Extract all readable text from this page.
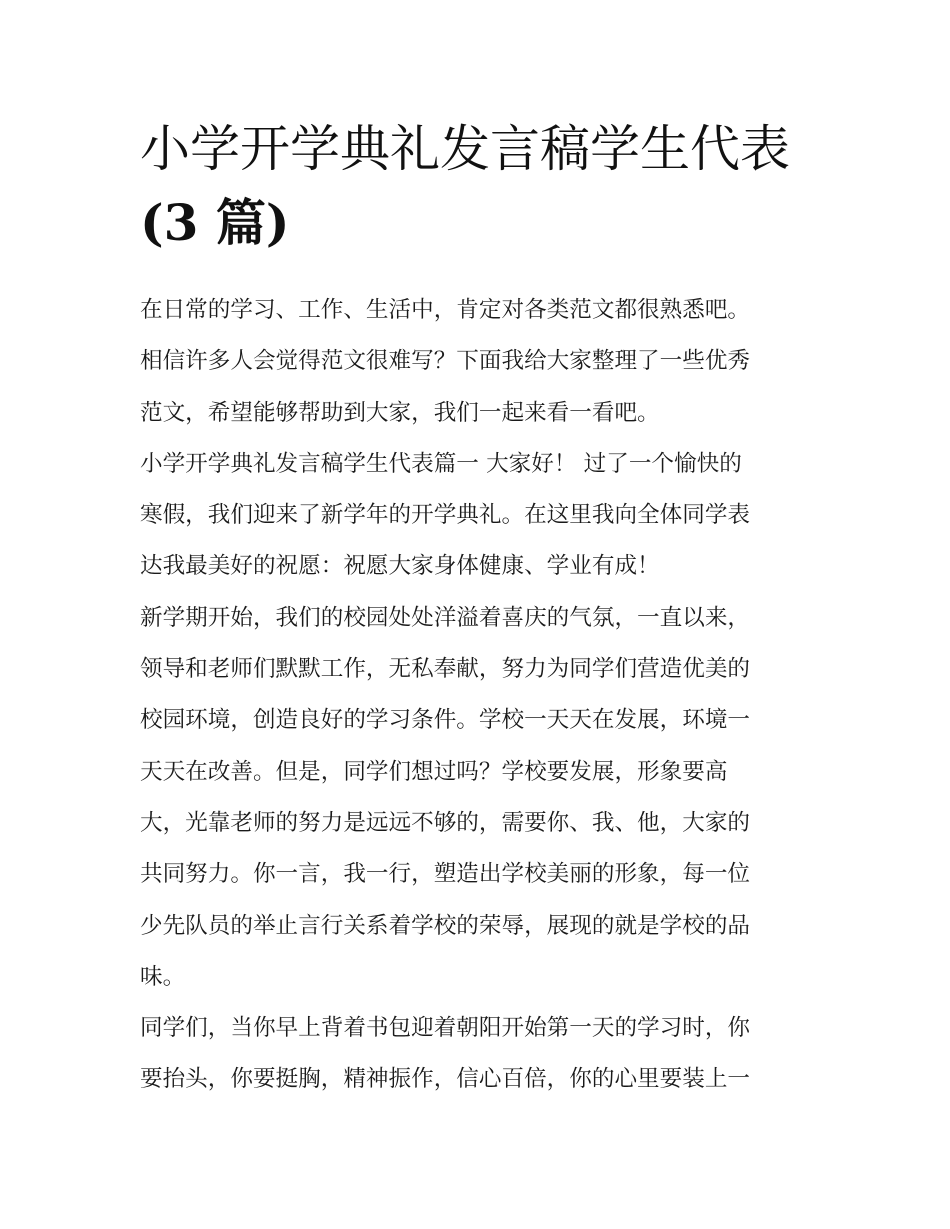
小学开学典礼发言稿学生代表
(3 篇)

在日常的学习、工作、生活中，肯定对各类范文都很熟悉吧。
相信许多人会觉得范文很难写？下面我给大家整理了一些优秀
范文，希望能够帮助到大家，我们一起来看一看吧。

小学开学典礼发言稿学生代表篇一 大家好！ 过了一个愉快的
寒假，我们迎来了新学年的开学典礼。在这里我向全体同学表
达我最美好的祝愿：祝愿大家身体健康、学业有成！

新学期开始，我们的校园处处洋溢着喜庆的气氛，一直以来，
领导和老师们默默工作，无私奉献，努力为同学们营造优美的
校园环境，创造良好的学习条件。学校一天天在发展，环境一
天天在改善。但是，同学们想过吗？学校要发展，形象要高
大，光靠老师的努力是远远不够的，需要你、我、他，大家的
共同努力。你一言，我一行，塑造出学校美丽的形象，每一位
少先队员的举止言行关系着学校的荣辱，展现的就是学校的品
味。

同学们，当你早上背着书包迎着朝阳开始第一天的学习时，你
要抬头，你要挺胸，精神振作，信心百倍，你的心里要装上一
